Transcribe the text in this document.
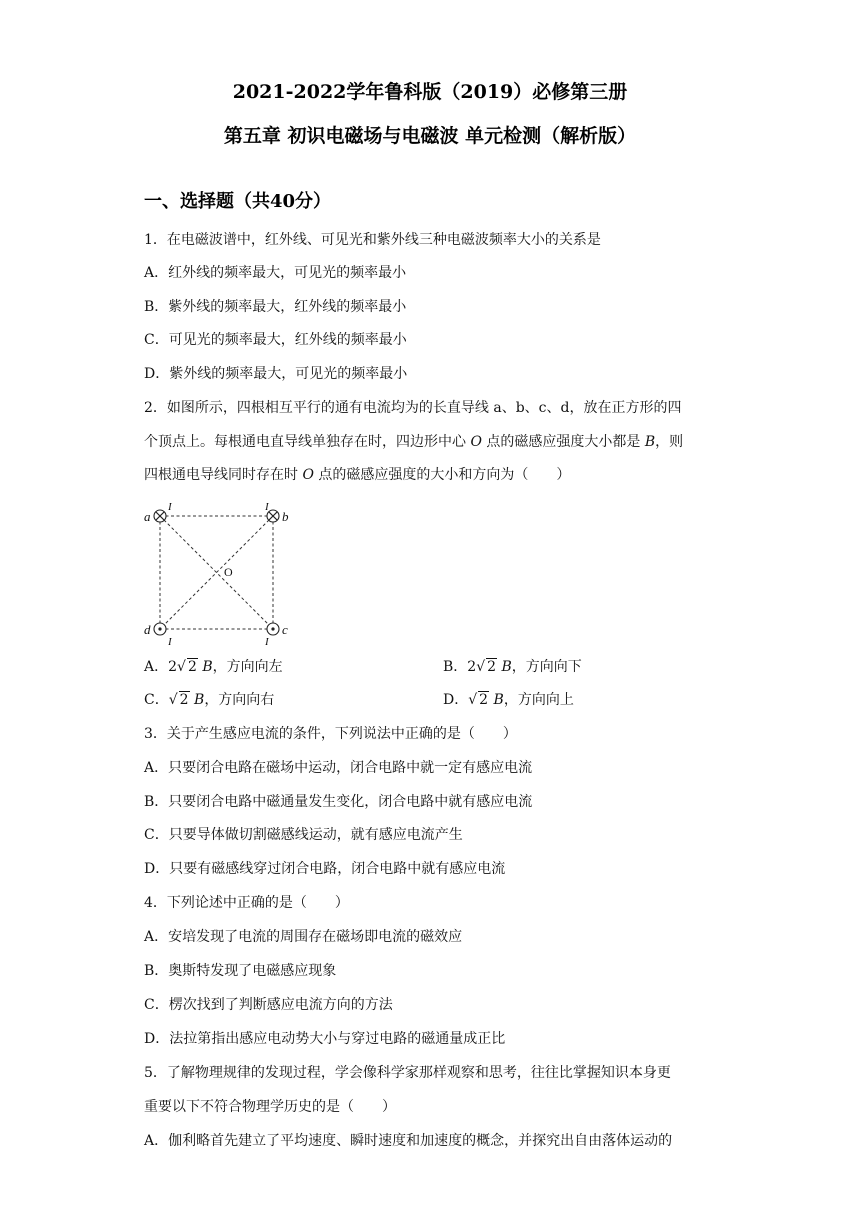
2021-2022学年鲁科版（2019）必修第三册
第五章 初识电磁场与电磁波 单元检测（解析版）
一、选择题（共40分）
1．在电磁波谱中，红外线、可见光和紫外线三种电磁波频率大小的关系是
A．红外线的频率最大，可见光的频率最小
B．紫外线的频率最大，红外线的频率最小
C．可见光的频率最大，红外线的频率最小
D．紫外线的频率最大，可见光的频率最小
2．如图所示，四根相互平行的通有电流均为的长直导线 a、b、c、d，放在正方形的四
个顶点上。每根通电直导线单独存在时，四边形中心 O 点的磁感应强度大小都是 B，则
四根通电导线同时存在时 O 点的磁感应强度的大小和方向为（　　）
a	b
c
d
I	I
I	I
O
A．2√ 2 B，方向向左	B．2√ 2 B，方向向下
C．√ 2 B，方向向右	D．√ 2 B，方向向上
3．关于产生感应电流的条件，下列说法中正确的是（　　）
A．只要闭合电路在磁场中运动，闭合电路中就一定有感应电流
B．只要闭合电路中磁通量发生变化，闭合电路中就有感应电流
C．只要导体做切割磁感线运动，就有感应电流产生
D．只要有磁感线穿过闭合电路，闭合电路中就有感应电流
4．下列论述中正确的是（　　）
A．安培发现了电流的周围存在磁场即电流的磁效应
B．奥斯特发现了电磁感应现象
C．楞次找到了判断感应电流方向的方法
D．法拉第指出感应电动势大小与穿过电路的磁通量成正比
5．了解物理规律的发现过程，学会像科学家那样观察和思考，往往比掌握知识本身更
重要以下不符合物理学历史的是（　　）
A．伽利略首先建立了平均速度、瞬时速度和加速度的概念，并探究出自由落体运动的
